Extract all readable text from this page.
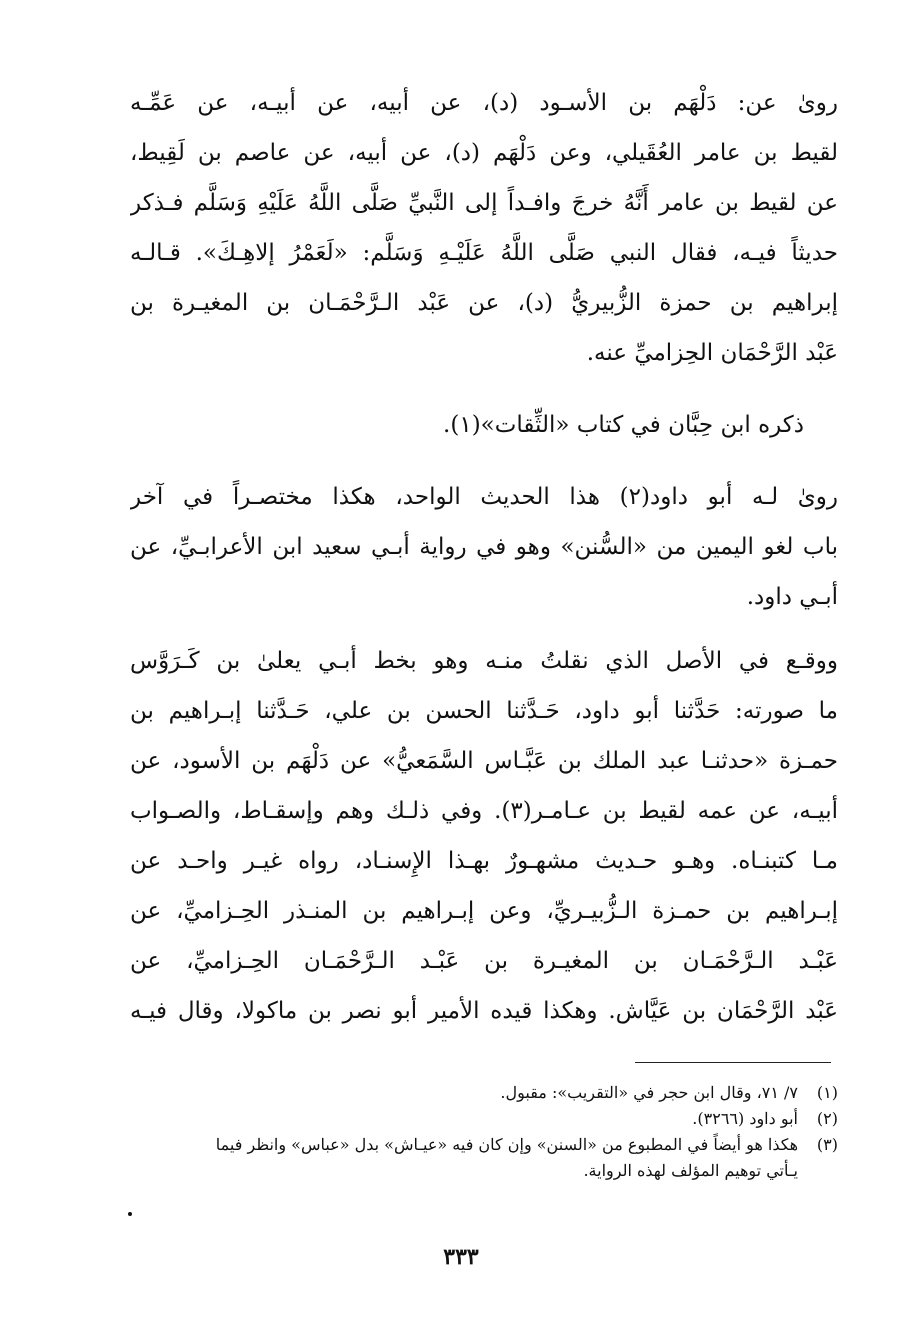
روىٰ عن: دَلْهَم بن الأسـود (د)، عن أبيه، عن أبيـه، عن عَمِّـه
لقيط بن عامر العُقَيلي، وعن دَلْهَم (د)، عن أبيه، عن عاصم بن لَقِيط،
عن لقيط بن عامر أَنَّهُ خرجَ وافـداً إلى النَّبيِّ صَلَّى اللَّهُ عَلَيْهِ وَسَلَّم فـذكر
حديثاً فيـه، فقال النبي صَلَّى اللَّهُ عَلَيْـهِ وَسَلَّم: «لَعَمْرُ إلاهِـكَ». قـالـه
إبراهيم بن حمزة الزُّبيريُّ (د)، عن عَبْد الـرَّحْمَـان بن المغيـرة بن
عَبْد الرَّحْمَان الحِزاميِّ عنه.
ذكره ابن حِبَّان في كتاب «الثِّقات»(١).
روىٰ لـه أبو داود(٢) هذا الحديث الواحد، هكذا مختصـراً في آخر
باب لغو اليمين من «السُّنن» وهو في رواية أبـي سعيد ابن الأعرابـيِّ، عن
أبـي داود.
ووقـع في الأصل الذي نقلتُ منـه وهو بخط أبـي يعلىٰ بن كَـرَوَّس
ما صورته: حَدَّثنا أبو داود، حَـدَّثنا الحسن بن علي، حَـدَّثنا إبـراهيم بن
حمـزة «حدثنـا عبد الملك بن عَبَّـاس السَّمَعيُّ» عن دَلْهَم بن الأسود، عن
أبيـه، عن عمه لقيط بن عـامـر(٣). وفي ذلـك وهم وإسقـاط، والصـواب
مـا كتبنـاه. وهـو حـديث مشهـورٌ بهـذا الإِسنـاد، رواه غيـر واحـد عن
إبـراهيم بن حمـزة الـزُّبيـريِّ، وعن إبـراهيم بن المنـذر الحِـزاميِّ، عن
عَبْـد الـرَّحْمَـان بن المغيـرة بن عَبْـد الـرَّحْمَـان الحِـزاميِّ، عن
عَبْد الرَّحْمَان بن عَيَّاش. وهكذا قيده الأمير أبو نصر بن ماكولا، وقال فيـه
(١)
٧/ ٧١، وقال ابن حجر في «التقريب»: مقبول.
(٢)
أبو داود (٣٢٦٦).
(٣)
هكذا هو أيضاً في المطبوع من «السنن» وإن كان فيه «عيـاش» بدل «عباس» وانظر فيما
يـأتي توهيم المؤلف لهذه الرواية.
٣٣٣
